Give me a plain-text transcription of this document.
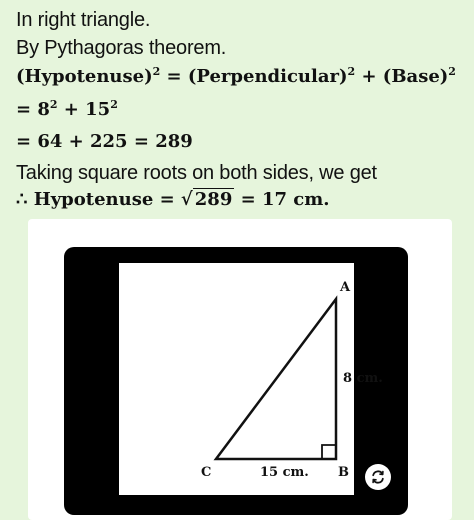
In right triangle.
By Pythagoras theorem.
(Hypotenuse)$^2$ = (Perpendicular)$^2$ + (Base)$^2$
= $8^2 + 15^2$
= 64 + 225 = 289
Taking square roots on both sides, we get
∴ Hypotenuse = √ 289 = 17 cm.
A
B
C
8 cm.
15 cm.
